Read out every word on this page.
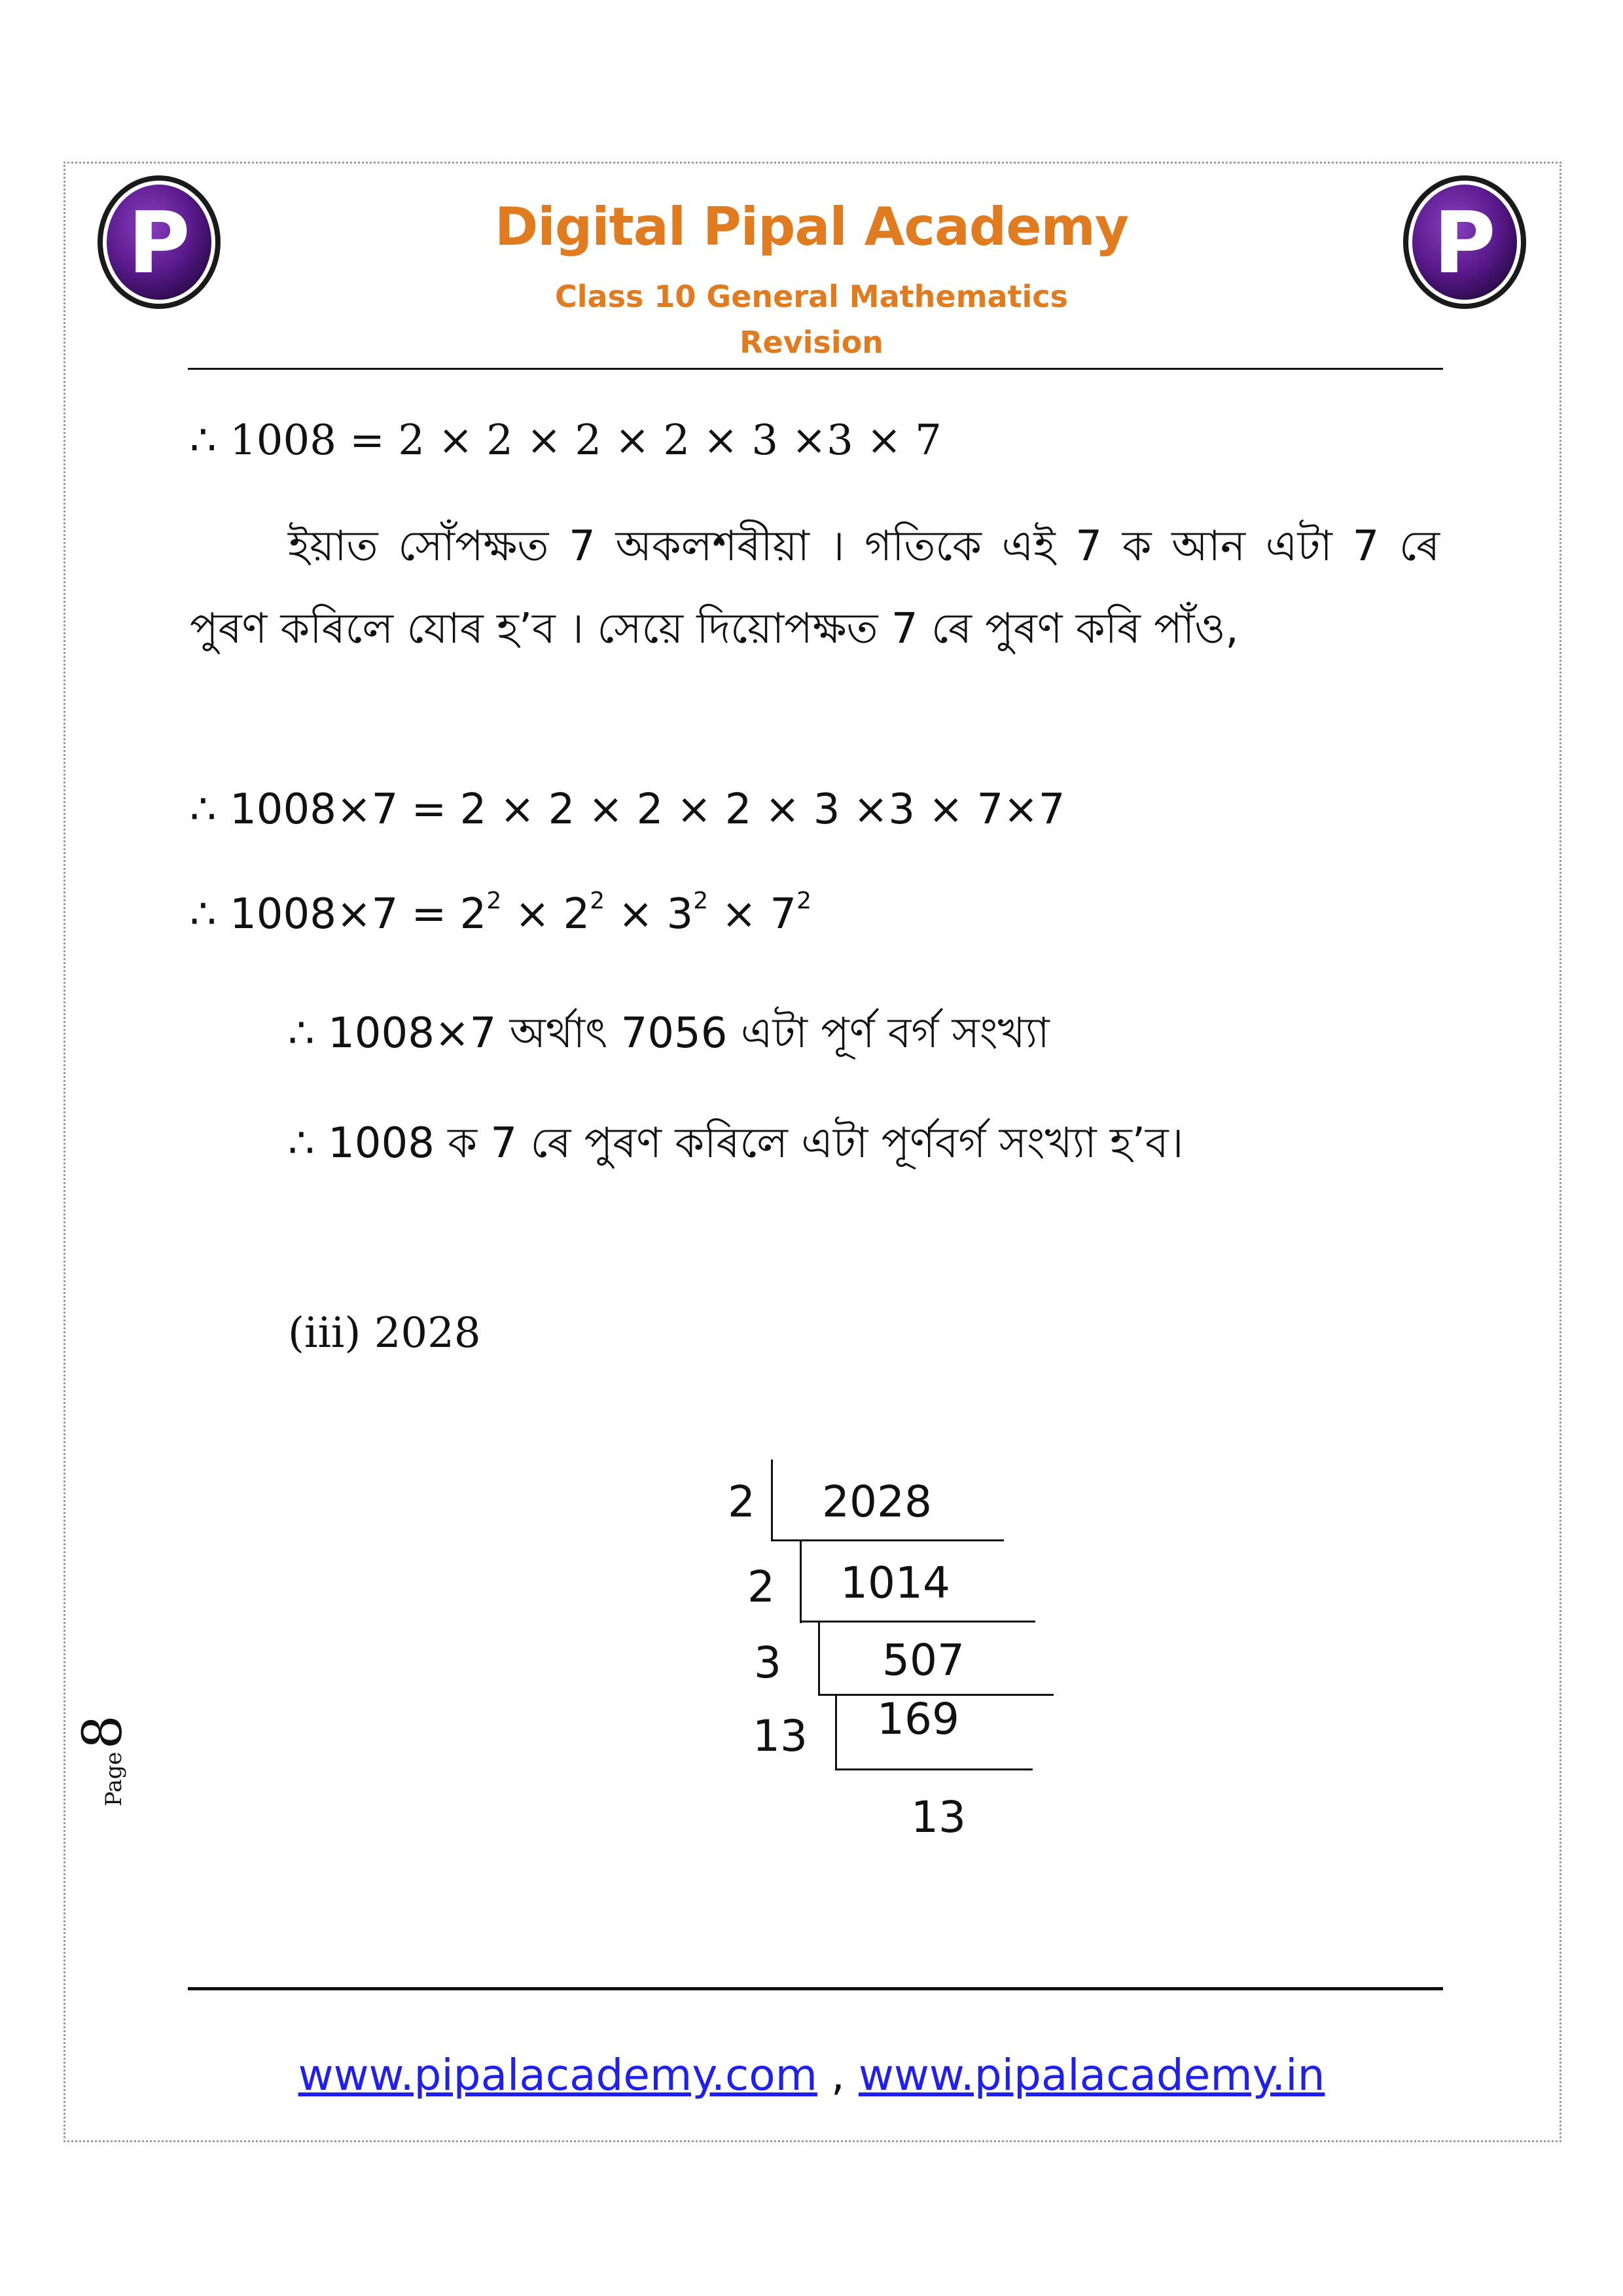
P	P
Digital Pipal Academy
Class 10 General Mathematics
Revision
∴ 1008 = 2 × 2 × 2 × 2 × 3 ×3 × 7
ইয়াত সোঁপক্ষত 7 অকলশৰীয়া । গতিকে এই 7 ক আন এটা 7 ৰে পুৰণ কৰিলে যোৰ হ’ব । সেয়ে দিয়োপক্ষত 7 ৰে পুৰণ কৰি পাঁও,
∴ 1008×7 = 2 × 2 × 2 × 2 × 3 ×3 × 7×7
∴ $1008\times 7 = 2^2 \times 2^2 \times 3^2 \times 7^2$
∴ 1008×7 অৰ্থাৎ 7056 এটা পূৰ্ণ বৰ্গ সংখ্যা
∴ 1008 ক 7 ৰে পুৰণ কৰিলে এটা পূৰ্ণবৰ্গ সংখ্যা হ’ব।
(iii) 2028
2 2028
2 1014
3 507
13 169
13
Page8
www.pipalacademy.com , www.pipalacademy.in
